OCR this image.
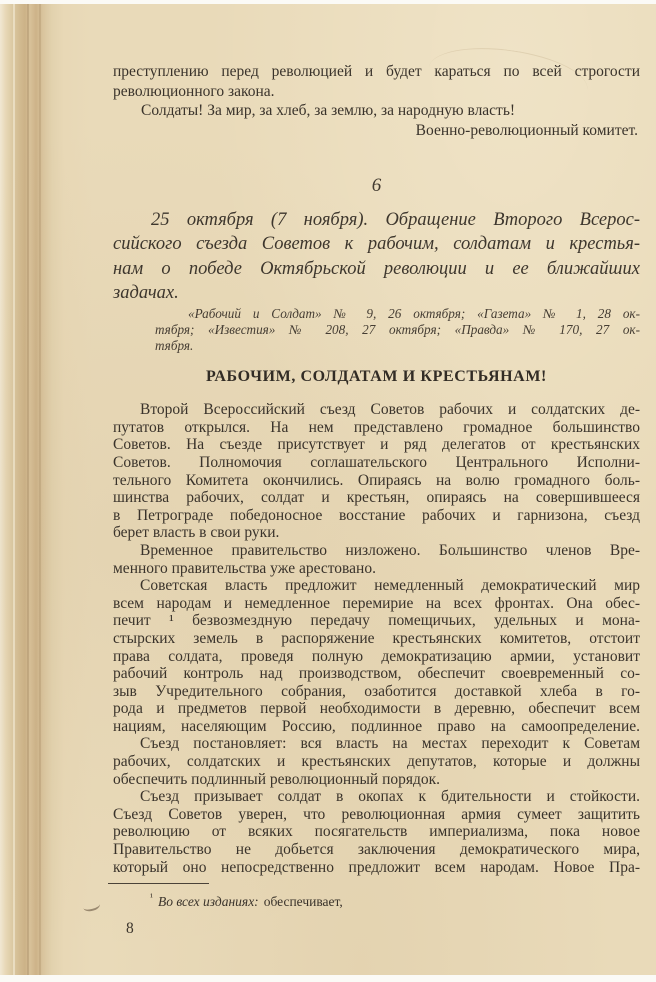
преступлению перед революцией и будет караться по всей строгости
революционного закона.
Солдаты! За мир, за хлеб, за землю, за народную власть!
Военно-революционный комитет.
6
25 октября (7 ноября). Обращение Второго Всерос-
сийского съезда Советов к рабочим, солдатам и крестья-
нам о победе Октябрьской революции и ее ближайших
задачах.
«Рабочий и Солдат» № 9, 26 октября; «Газета» № 1, 28 ок-
тября; «Известия» № 208, 27 октября; «Правда» № 170, 27 ок-
тября.
РАБОЧИМ, СОЛДАТАМ И КРЕСТЬЯНАМ!
Второй Всероссийский съезд Советов рабочих и солдатских де-
путатов открылся. На нем представлено громадное большинство
Советов. На съезде присутствует и ряд делегатов от крестьянских
Советов. Полномочия соглашательского Центрального Исполни-
тельного Комитета окончились. Опираясь на волю громадного боль-
шинства рабочих, солдат и крестьян, опираясь на совершившееся
в Петрограде победоносное восстание рабочих и гарнизона, съезд
берет власть в свои руки.
Временное правительство низложено. Большинство членов Вре-
менного правительства уже арестовано.
Советская власть предложит немедленный демократический мир
всем народам и немедленное перемирие на всех фронтах. Она обес-
печит ¹ безвозмездную передачу помещичьих, удельных и мона-
стырских земель в распоряжение крестьянских комитетов, отстоит
права солдата, проведя полную демократизацию армии, установит
рабочий контроль над производством, обеспечит своевременный со-
зыв Учредительного собрания, озаботится доставкой хлеба в го-
рода и предметов первой необходимости в деревню, обеспечит всем
нациям, населяющим Россию, подлинное право на самоопределение.
Съезд постановляет: вся власть на местах переходит к Советам
рабочих, солдатских и крестьянских депутатов, которые и должны
обеспечить подлинный революционный порядок.
Съезд призывает солдат в окопах к бдительности и стойкости.
Съезд Советов уверен, что революционная армия сумеет защитить
революцию от всяких посягательств империализма, пока новое
Правительство не добьется заключения демократического мира,
который оно непосредственно предложит всем народам. Новое Пра-
$^{^1}$ Во всех изданиях: обеспечивает,
8
